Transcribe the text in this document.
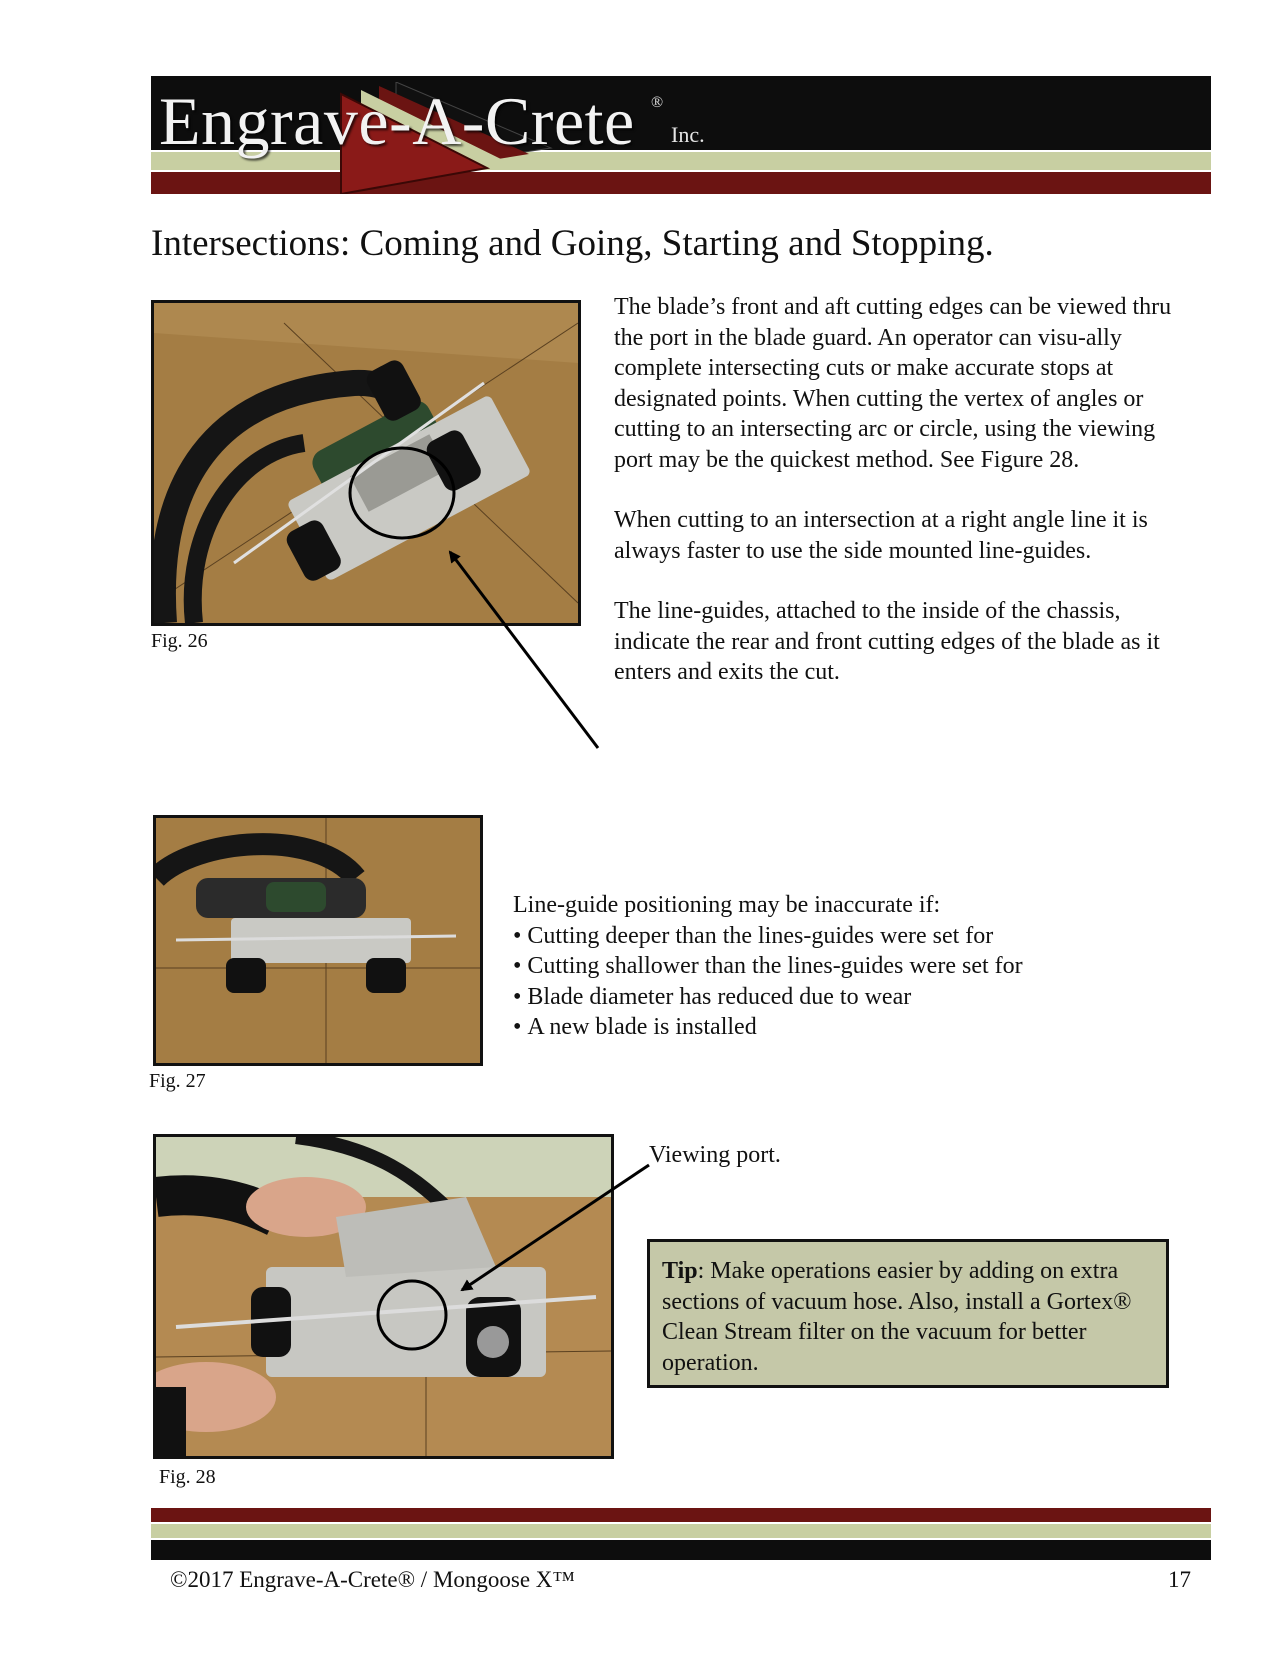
Engrave-A-Crete ®
Inc.
Intersections: Coming and Going, Starting and Stopping.
Fig. 26

The blade’s front and aft cutting edges can be viewed thru the port in the blade guard. An operator can visu-ally complete intersecting cuts or make accurate stops at designated points. When cutting the vertex of angles or cutting to an intersecting arc or circle, using the viewing port may be the quickest method. See Figure 28.

When cutting to an intersection at a right angle line it is always faster to use the side mounted line-guides.

The line-guides, attached to the inside of the chassis, indicate the rear and front cutting edges of the blade as it enters and exits the cut.

Fig. 27
Line-guide positioning may be inaccurate if:
• Cutting deeper than the lines-guides were set for
• Cutting shallower than the lines-guides were set for
• Blade diameter has reduced due to wear
• A new blade is installed
Fig. 28
Viewing port.
Tip: Make operations easier by adding on extra sections of vacuum hose. Also, install a Gortex® Clean Stream filter on the vacuum for better operation.
©2017 Engrave-A-Crete® / Mongoose X™	17
